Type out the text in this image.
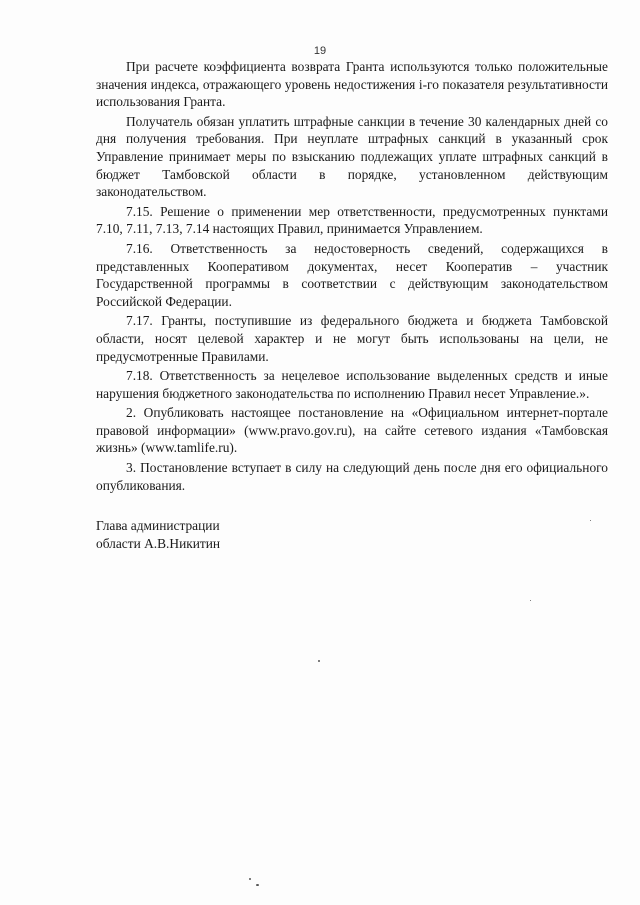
19

При расчете коэффициента возврата Гранта используются только положительные значения индекса, отражающего уровень недостижения i-го показателя результативности использования Гранта.

Получатель обязан уплатить штрафные санкции в течение 30 календарных дней со дня получения требования. При неуплате штрафных санкций в указанный срок Управление принимает меры по взысканию подлежащих уплате штрафных санкций в бюджет Тамбовской области в порядке, установленном действующим законодательством.

7.15. Решение о применении мер ответственности, предусмотренных пунктами 7.10, 7.11, 7.13, 7.14 настоящих Правил, принимается Управлением.

7.16. Ответственность за недостоверность сведений, содержащихся в представленных Кооперативом документах, несет Кооператив – участник Государственной программы в соответствии с действующим законодательством Российской Федерации.

7.17. Гранты, поступившие из федерального бюджета и бюджета Тамбовской области, носят целевой характер и не могут быть использованы на цели, не предусмотренные Правилами.

7.18. Ответственность за нецелевое использование выделенных средств и иные нарушения бюджетного законодательства по исполнению Правил несет Управление.».

2. Опубликовать настоящее постановление на «Официальном интернет-портале правовой информации» (www.pravo.gov.ru), на сайте сетевого издания «Тамбовская жизнь» (www.tamlife.ru).

3. Постановление вступает в силу на следующий день после дня его официального опубликования.

Глава администрации
области А.В.Никитин
